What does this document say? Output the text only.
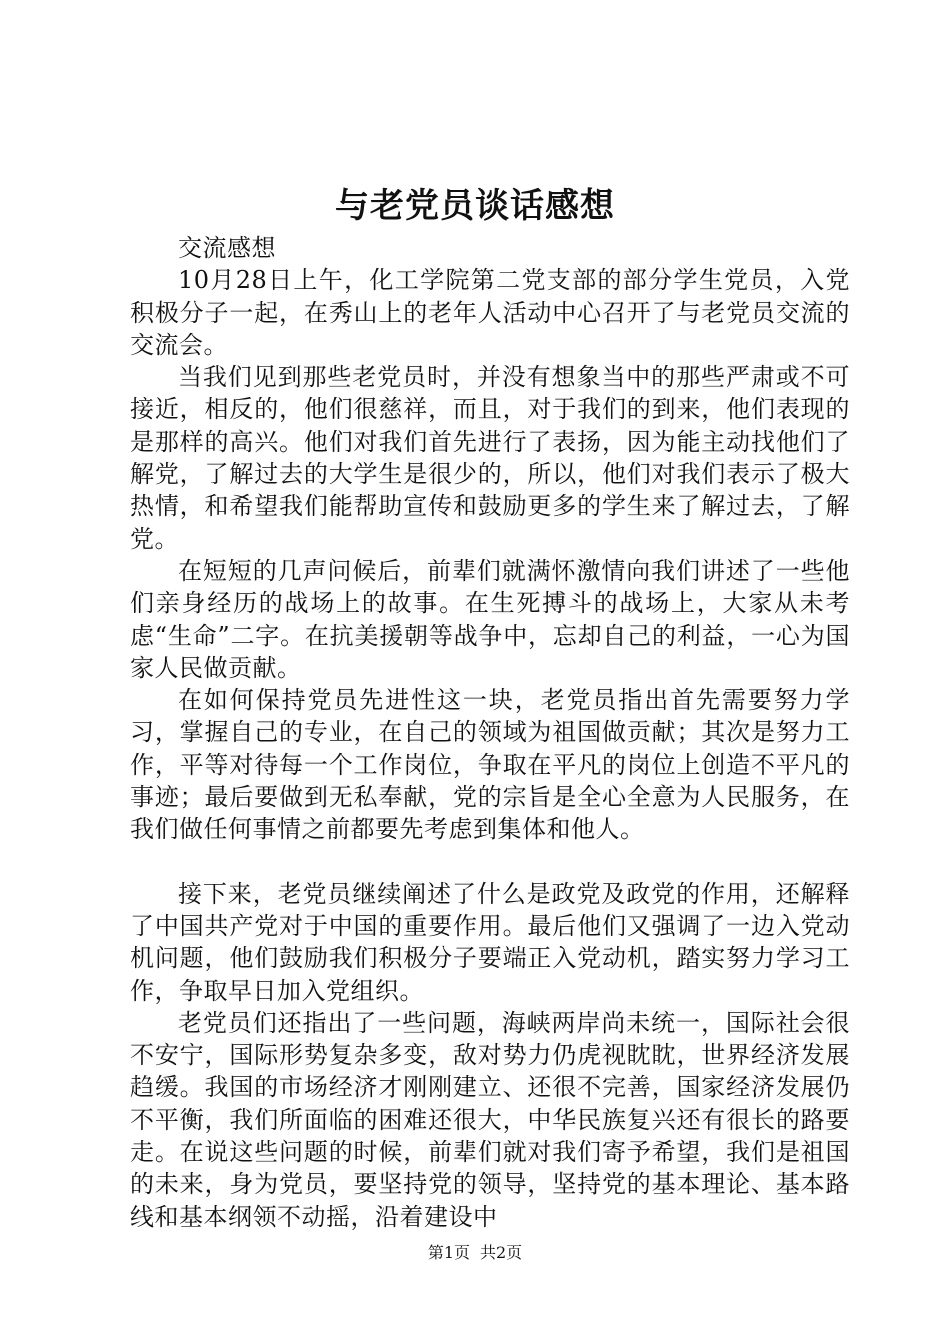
与老党员谈话感想

交流感想

10月28日上午，化工学院第二党支部的部分学生党员，入党积极分子一起，在秀山上的老年人活动中心召开了与老党员交流的交流会。

当我们见到那些老党员时，并没有想象当中的那些严肃或不可接近，相反的，他们很慈祥，而且，对于我们的到来，他们表现的是那样的高兴。他们对我们首先进行了表扬，因为能主动找他们了解党，了解过去的大学生是很少的，所以，他们对我们表示了极大热情，和希望我们能帮助宣传和鼓励更多的学生来了解过去，了解党。

在短短的几声问候后，前辈们就满怀激情向我们讲述了一些他们亲身经历的战场上的故事。在生死搏斗的战场上，大家从未考虑“生命”二字。在抗美援朝等战争中，忘却自己的利益，一心为国家人民做贡献。

在如何保持党员先进性这一块，老党员指出首先需要努力学习，掌握自己的专业，在自己的领域为祖国做贡献；其次是努力工作，平等对待每一个工作岗位，争取在平凡的岗位上创造不平凡的事迹；最后要做到无私奉献，党的宗旨是全心全意为人民服务，在我们做任何事情之前都要先考虑到集体和他人。

接下来，老党员继续阐述了什么是政党及政党的作用，还解释了中国共产党对于中国的重要作用。最后他们又强调了一边入党动机问题，他们鼓励我们积极分子要端正入党动机，踏实努力学习工作，争取早日加入党组织。

老党员们还指出了一些问题，海峡两岸尚未统一，国际社会很不安宁，国际形势复杂多变，敌对势力仍虎视眈眈，世界经济发展趋缓。我国的市场经济才刚刚建立、还很不完善，国家经济发展仍不平衡，我们所面临的困难还很大，中华民族复兴还有很长的路要走。在说这些问题的时候，前辈们就对我们寄予希望，我们是祖国的未来，身为党员，要坚持党的领导，坚持党的基本理论、基本路线和基本纲领不动摇，沿着建设中

第1页 共2页
